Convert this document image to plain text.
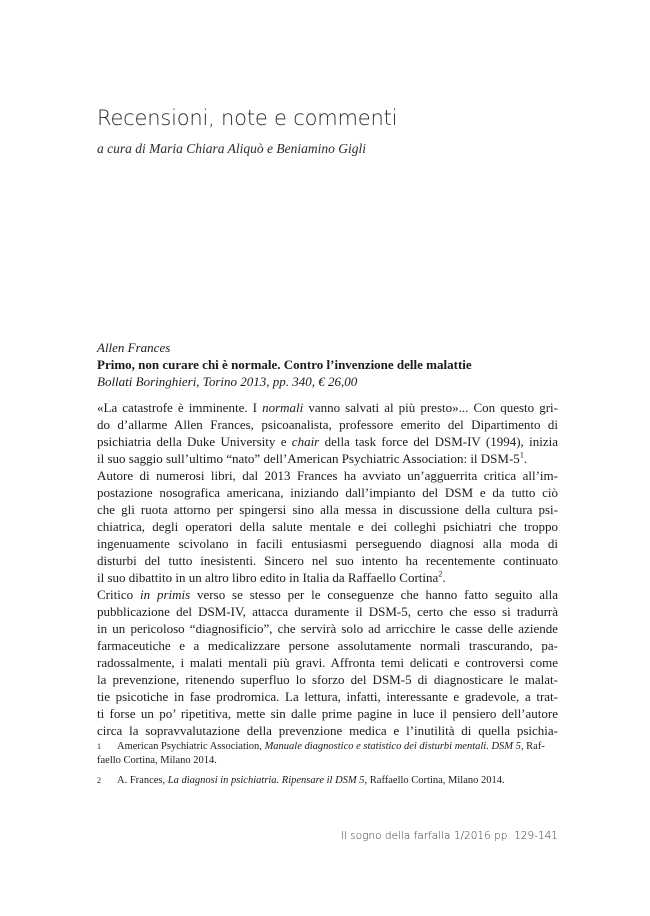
Recensioni, note e commenti
a cura di Maria Chiara Aliquò e Beniamino Gigli
Allen Frances
Primo, non curare chi è normale. Contro l’invenzione delle malattie
Bollati Boringhieri, Torino 2013, pp. 340, € 26,00
«La catastrofe è imminente. I normali vanno salvati al più presto»... Con questo gri-
do d’allarme Allen Frances, psicoanalista, professore emerito del Dipartimento di
psichiatria della Duke University e chair della task force del DSM-IV (1994), inizia
il suo saggio sull’ultimo “nato” dell’American Psychiatric Association: il DSM-$5^1$.
Autore di numerosi libri, dal 2013 Frances ha avviato un’agguerrita critica all’im-
postazione nosografica americana, iniziando dall’impianto del DSM e da tutto ciò
che gli ruota attorno per spingersi sino alla messa in discussione della cultura psi-
chiatrica, degli operatori della salute mentale e dei colleghi psichiatri che troppo
ingenuamente scivolano in facili entusiasmi perseguendo diagnosi alla moda di
disturbi del tutto inesistenti. Sincero nel suo intento ha recentemente continuato
il suo dibattito in un altro libro edito in Italia da Raffaello Cortina$^2$.
Critico in primis verso se stesso per le conseguenze che hanno fatto seguito alla
pubblicazione del DSM-IV, attacca duramente il DSM-5, certo che esso si tradurrà
in un pericoloso “diagnosificio”, che servirà solo ad arricchire le casse delle aziende
farmaceutiche e a medicalizzare persone assolutamente normali trascurando, pa-
radossalmente, i malati mentali più gravi. Affronta temi delicati e controversi come
la prevenzione, ritenendo superfluo lo sforzo del DSM-5 di diagnosticare le malat-
tie psicotiche in fase prodromica. La lettura, infatti, interessante e gradevole, a trat-
ti forse un po’ ripetitiva, mette sin dalle prime pagine in luce il pensiero dell’autore
circa la sopravvalutazione della prevenzione medica e l’inutilità di quella psichia-
1	American Psychiatric Association, Manuale diagnostico e statistico dei disturbi mentali. DSM 5, Raf-
faello Cortina, Milano 2014.
2	A. Frances, La diagnosi in psichiatria. Ripensare il DSM 5, Raffaello Cortina, Milano 2014.
Il sogno della farfalla 1/2016 pp. 129-141
